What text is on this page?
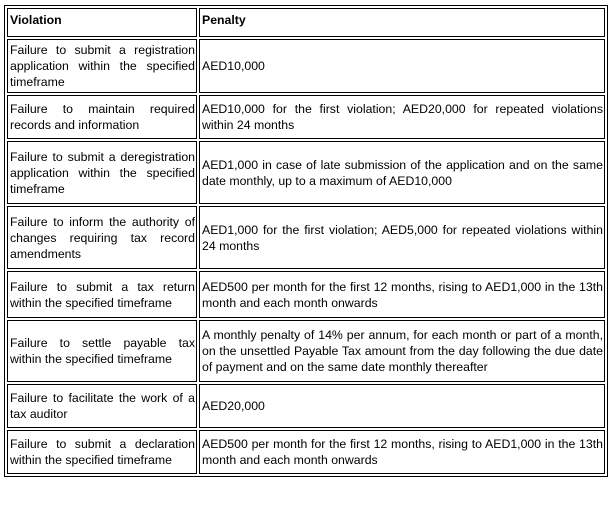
Violation	Penalty
Failure to submit a registration application within the specified timeframe	AED10,000
Failure to maintain required records and information	AED10,000 for the first violation; AED20,000 for repeated violations within 24 months
Failure to submit a deregistration application within the specified timeframe	AED1,000 in case of late submission of the application and on the same date monthly, up to a maximum of AED10,000
Failure to inform the authority of changes requiring tax record amendments	AED1,000 for the first violation; AED5,000 for repeated violations within 24 months
Failure to submit a tax return within the specified timeframe	AED500 per month for the first 12 months, rising to AED1,000 in the 13th month and each month onwards
Failure to settle payable tax within the specified timeframe	A monthly penalty of 14% per annum, for each month or part of a month, on the unsettled Payable Tax amount from the day following the due date of payment and on the same date monthly thereafter
Failure to facilitate the work of a tax auditor	AED20,000
Failure to submit a declaration within the specified timeframe	AED500 per month for the first 12 months, rising to AED1,000 in the 13th month and each month onwards
